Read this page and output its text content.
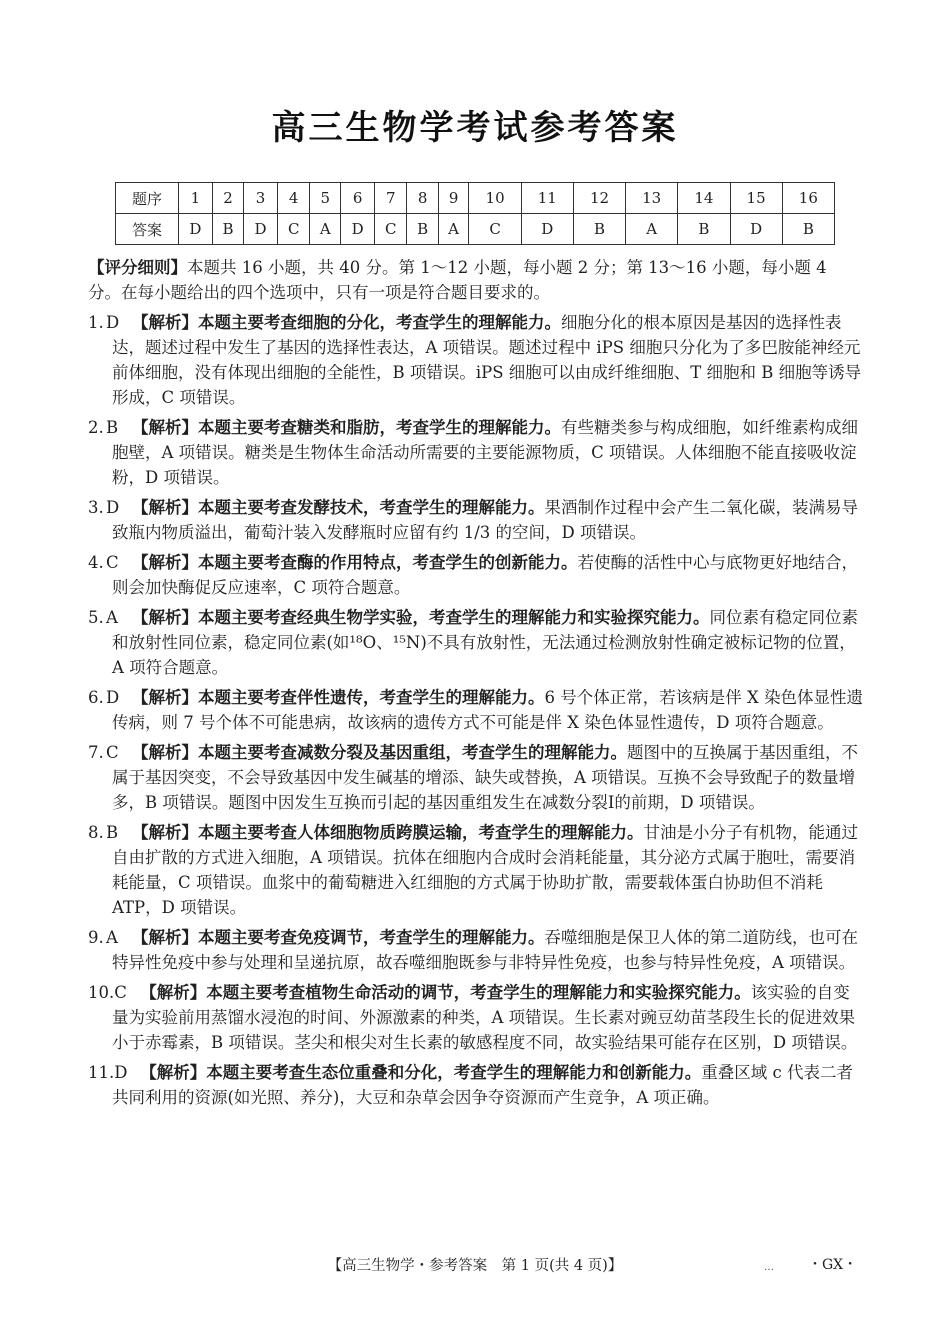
高三生物学考试参考答案
题序	1	2	3	4	5	6	7	8	9	10	11	12	13	14	15	16
答案	D	B	D	C	A	D	C	B	A	C	D	B	A	B	D	B

【评分细则】本题共 16 小题，共 40 分。第 1～12 小题，每小题 2 分；第 13～16 小题，每小题 4 分。在每小题给出的四个选项中，只有一项是符合题目要求的。

1. D 【解析】本题主要考查细胞的分化，考查学生的理解能力。细胞分化的根本原因是基因的选择性表达，题述过程中发生了基因的选择性表达，A 项错误。题述过程中 iPS 细胞只分化为了多巴胺能神经元前体细胞，没有体现出细胞的全能性，B 项错误。iPS 细胞可以由成纤维细胞、T 细胞和 B 细胞等诱导形成，C 项错误。

2. B 【解析】本题主要考查糖类和脂肪，考查学生的理解能力。有些糖类参与构成细胞，如纤维素构成细胞壁，A 项错误。糖类是生物体生命活动所需要的主要能源物质，C 项错误。人体细胞不能直接吸收淀粉，D 项错误。

3. D 【解析】本题主要考查发酵技术，考查学生的理解能力。果酒制作过程中会产生二氧化碳，装满易导致瓶内物质溢出，葡萄汁装入发酵瓶时应留有约 1/3 的空间，D 项错误。

4. C 【解析】本题主要考查酶的作用特点，考查学生的创新能力。若使酶的活性中心与底物更好地结合，则会加快酶促反应速率，C 项符合题意。

5. A 【解析】本题主要考查经典生物学实验，考查学生的理解能力和实验探究能力。同位素有稳定同位素和放射性同位素，稳定同位素(如¹⁸O、¹⁵N)不具有放射性，无法通过检测放射性确定被标记物的位置，A 项符合题意。

6. D 【解析】本题主要考查伴性遗传，考查学生的理解能力。6 号个体正常，若该病是伴 X 染色体显性遗传病，则 7 号个体不可能患病，故该病的遗传方式不可能是伴 X 染色体显性遗传，D 项符合题意。

7. C 【解析】本题主要考查减数分裂及基因重组，考查学生的理解能力。题图中的互换属于基因重组，不属于基因突变，不会导致基因中发生碱基的增添、缺失或替换，A 项错误。互换不会导致配子的数量增多，B 项错误。题图中因发生互换而引起的基因重组发生在减数分裂Ⅰ的前期，D 项错误。

8. B 【解析】本题主要考查人体细胞物质跨膜运输，考查学生的理解能力。甘油是小分子有机物，能通过自由扩散的方式进入细胞，A 项错误。抗体在细胞内合成时会消耗能量，其分泌方式属于胞吐，需要消耗能量，C 项错误。血浆中的葡萄糖进入红细胞的方式属于协助扩散，需要载体蛋白协助但不消耗 ATP，D 项错误。

9. A 【解析】本题主要考查免疫调节，考查学生的理解能力。吞噬细胞是保卫人体的第二道防线，也可在特异性免疫中参与处理和呈递抗原，故吞噬细胞既参与非特异性免疫，也参与特异性免疫，A 项错误。

10.C 【解析】本题主要考查植物生命活动的调节，考查学生的理解能力和实验探究能力。该实验的自变量为实验前用蒸馏水浸泡的时间、外源激素的种类，A 项错误。生长素对豌豆幼苗茎段生长的促进效果小于赤霉素，B 项错误。茎尖和根尖对生长素的敏感程度不同，故实验结果可能存在区别，D 项错误。

11.D 【解析】本题主要考查生态位重叠和分化，考查学生的理解能力和创新能力。重叠区域 c 代表二者共同利用的资源(如光照、养分)，大豆和杂草会因争夺资源而产生竞争，A 项正确。

【高三生物学・参考答案　第 1 页(共 4 页)】	… ・GX・
